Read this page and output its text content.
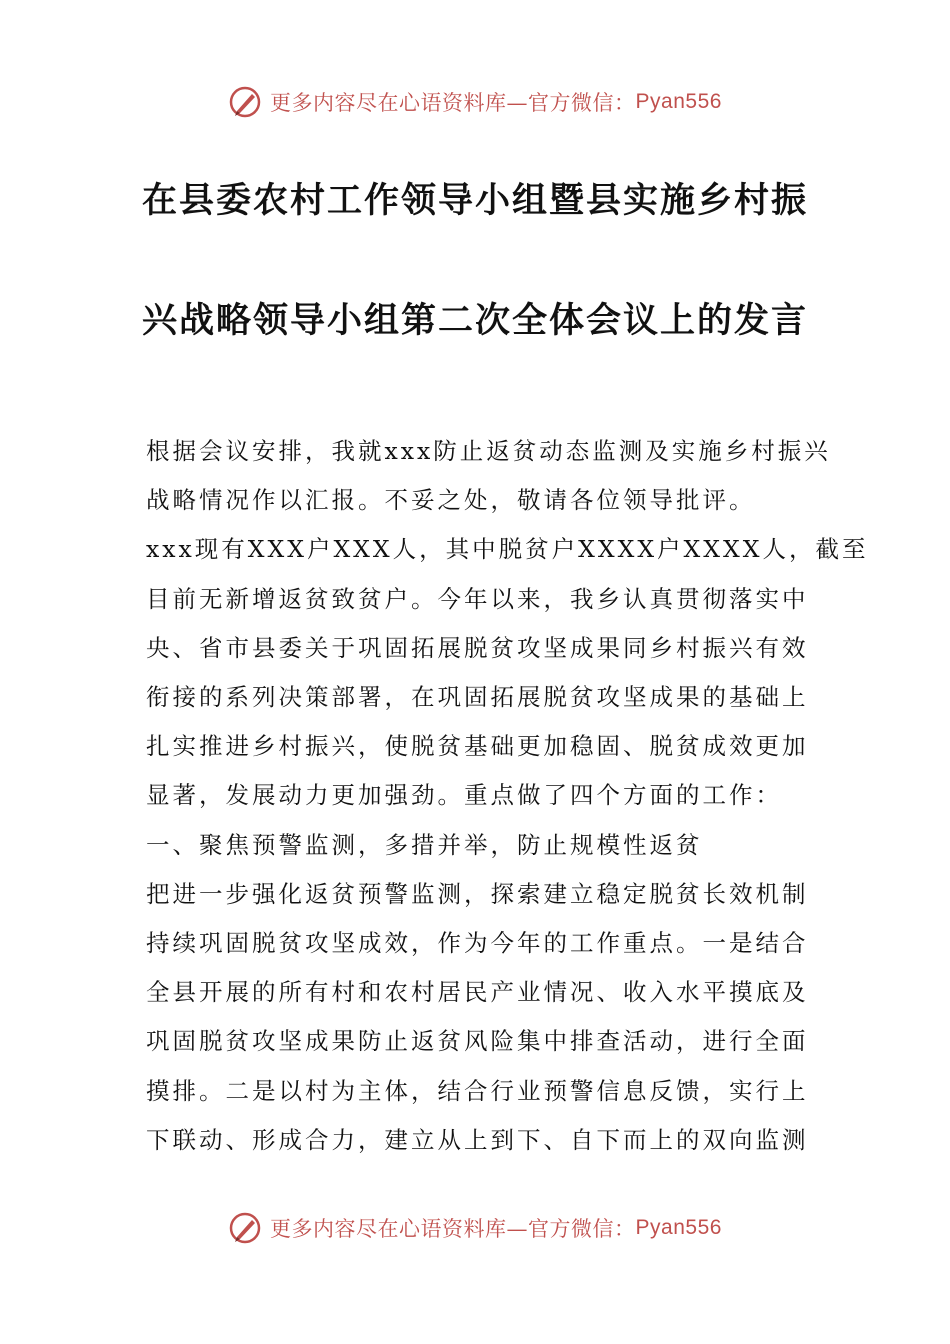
更多内容尽在心语资料库—官方微信： Pyan556
在县委农村工作领导小组暨县实施乡村振
兴战略领导小组第二次全体会议上的发言

根据会议安排，我就xxx防止返贫动态监测及实施乡村振兴

战略情况作以汇报。不妥之处，敬请各位领导批评。

xxx现有XXX户XXX人，其中脱贫户XXXX户XXXX人，截至

目前无新增返贫致贫户。今年以来，我乡认真贯彻落实中

央、省市县委关于巩固拓展脱贫攻坚成果同乡村振兴有效

衔接的系列决策部署，在巩固拓展脱贫攻坚成果的基础上

扎实推进乡村振兴，使脱贫基础更加稳固、脱贫成效更加

显著，发展动力更加强劲。重点做了四个方面的工作：

一、聚焦预警监测，多措并举，防止规模性返贫

把进一步强化返贫预警监测，探索建立稳定脱贫长效机制

持续巩固脱贫攻坚成效，作为今年的工作重点。一是结合

全县开展的所有村和农村居民产业情况、收入水平摸底及

巩固脱贫攻坚成果防止返贫风险集中排查活动，进行全面

摸排。二是以村为主体，结合行业预警信息反馈，实行上

下联动、形成合力，建立从上到下、自下而上的双向监测

更多内容尽在心语资料库—官方微信： Pyan556
